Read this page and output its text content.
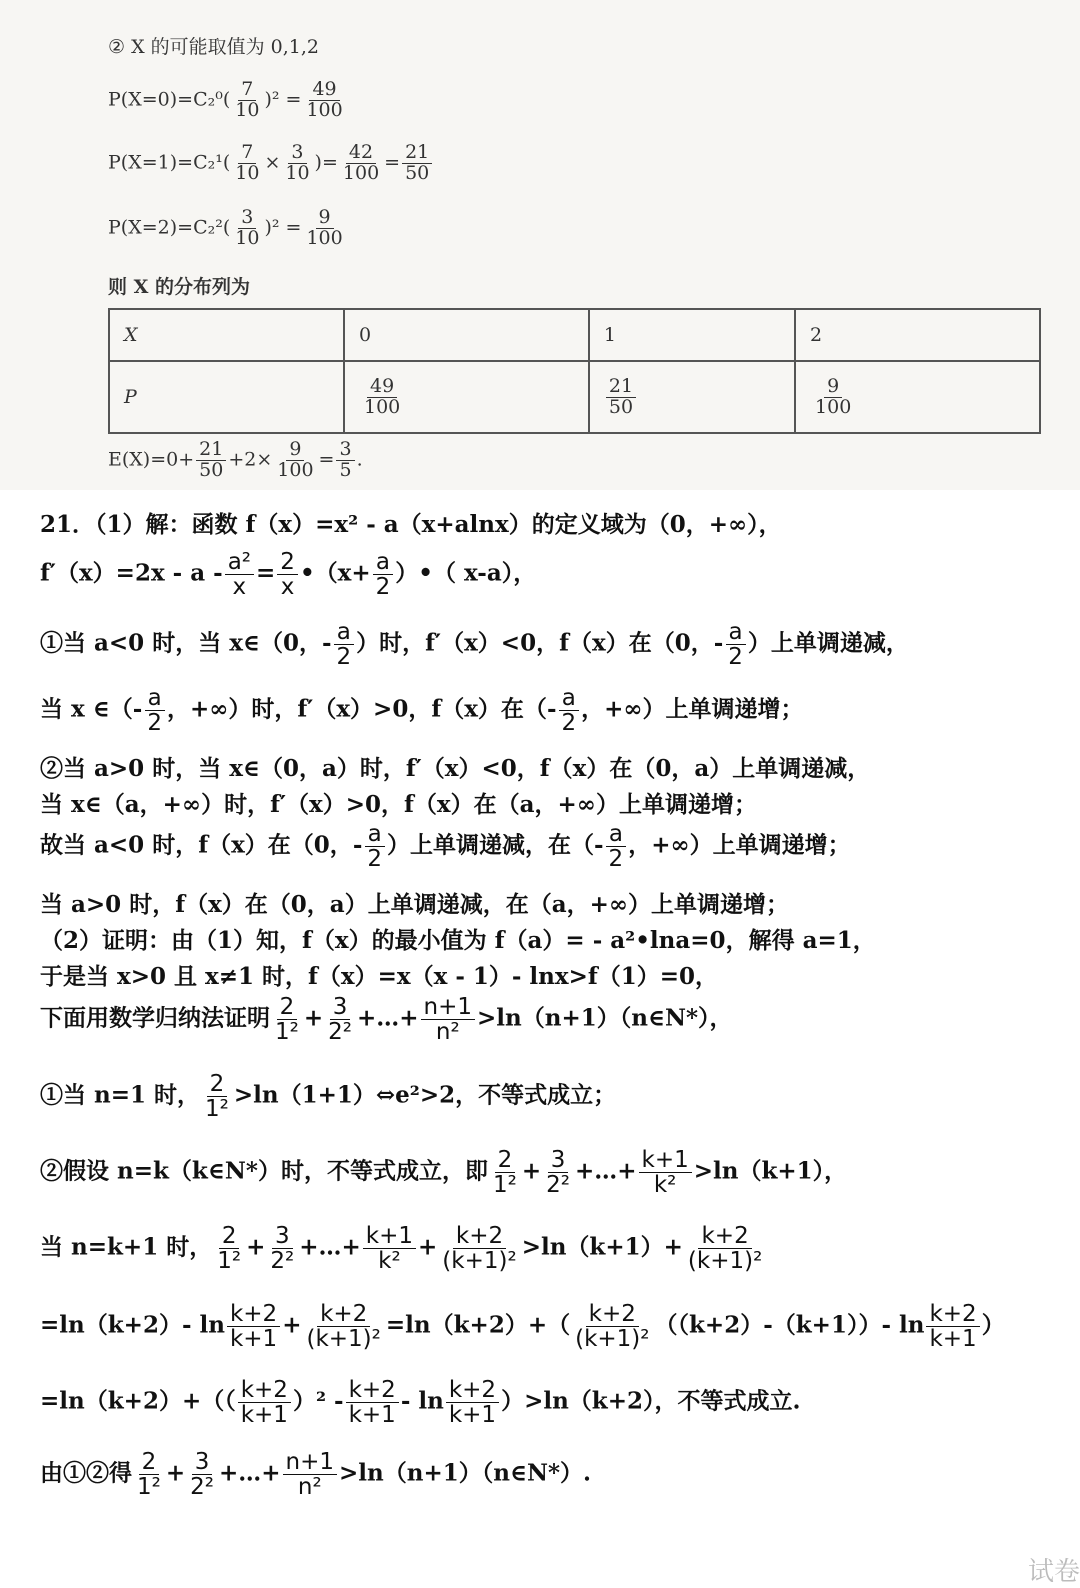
② X 的可能取值为 0,1,2
$P(X=0)=C_2^0( \frac{7}{10} )^2 = \frac{49}{100}$
$P(X=1)=C_2^1( \frac{7}{10} \times \frac{3}{10}$ )= $\frac{42}{100} = \frac{21}{50}$
$P(X=2)=C_2^2( \frac{3}{10} )^2 = \frac{9}{100}$
则 X 的分布列为
X	0	1	2
P	$\frac{49}{100}$	$\frac{21}{50}$	$\frac{9}{100}$
$E(X)=0+ \frac{21}{50} +2\times \frac{9}{100} = \frac{3}{5}$ .
21．（1）解：函数 f（x）=x² - a（x+alnx）的定义域为（0，+∞），
$f'(x)=2x - a - \frac{\text{a²}}{x} = \frac{2}{x}$ •（x+ $\frac{a}{2}$ ）•（ x-a），
①当 a<0 时，当 x∈（0，- $\frac{a}{2}$ ）时，f′（x）<0，f（x）在（0，- $\frac{a}{2}$ ）上单调递减，
当 x ∈（- $\frac{a}{2}$ ，+∞）时，f′（x）>0，f（x）在（- $\frac{a}{2}$ ，+∞）上单调递增；
②当 a>0 时，当 x∈（0，a）时，f′（x）<0，f（x）在（0，a）上单调递减，
当 x∈（a，+∞）时，f′（x）>0，f（x）在（a，+∞）上单调递增；
故当 a<0 时，f（x）在（0，- $\frac{a}{2}$ ）上单调递减，在（- $\frac{a}{2}$ ，+∞）上单调递增；
当 a>0 时，f（x）在（0，a）上单调递减，在（a，+∞）上单调递增；
（2）证明：由（1）知，f（x）的最小值为 f（a）= - a²•lna=0，解得 a=1，
于是当 x>0 且 x≠1 时，f（x）=x（x - 1）- lnx>f（1）=0，
下面用数学归纳法证明 $\frac{2}{\text{1²}} + \frac{3}{\text{2²}}$ +…+ $\frac{n+1}{\text{n²}}$ >ln（n+1）（n∈N*），
①当 n=1 时， $\frac{2}{\text{1²}}$ >ln（1+1）⇔e²>2，不等式成立；
②假设 n=k（k∈N*）时，不等式成立，即 $\frac{2}{\text{1²}} + \frac{3}{\text{2²}}$ +…+ $\frac{k+1}{\text{k²}} >\ln(k+1)$，
当 n=k+1 时， $\frac{2}{\text{1²}} + \frac{3}{\text{2²}}$ +…+ $\frac{k+1}{\text{k²}} + \frac{k+2}{\text{(k+1)²}} >\ln(k+1)+ \frac{k+2}{\text{(k+1)²}}$
=ln（k+2）- $\ln \frac{k+2}{k+1} + \frac{k+2}{\text{(k+1)²}} =\ln(k+2)+( \frac{k+2}{\text{(k+1)²}} ((k+2)-(k+1))-$ $\ln \frac{k+2}{k+1}$ ）
$=\ln(k+2)+(( \frac{k+2}{k+1} )^2 - \frac{k+2}{k+1} - \ln \frac{k+2}{k+1} )>\ln(k+2)$，不等式成立.
由①②得 $\frac{2}{\text{1²}} + \frac{3}{\text{2²}}$ +…+ $\frac{n+1}{\text{n²}}$ >ln（n+1）（n∈N*）.
试卷
